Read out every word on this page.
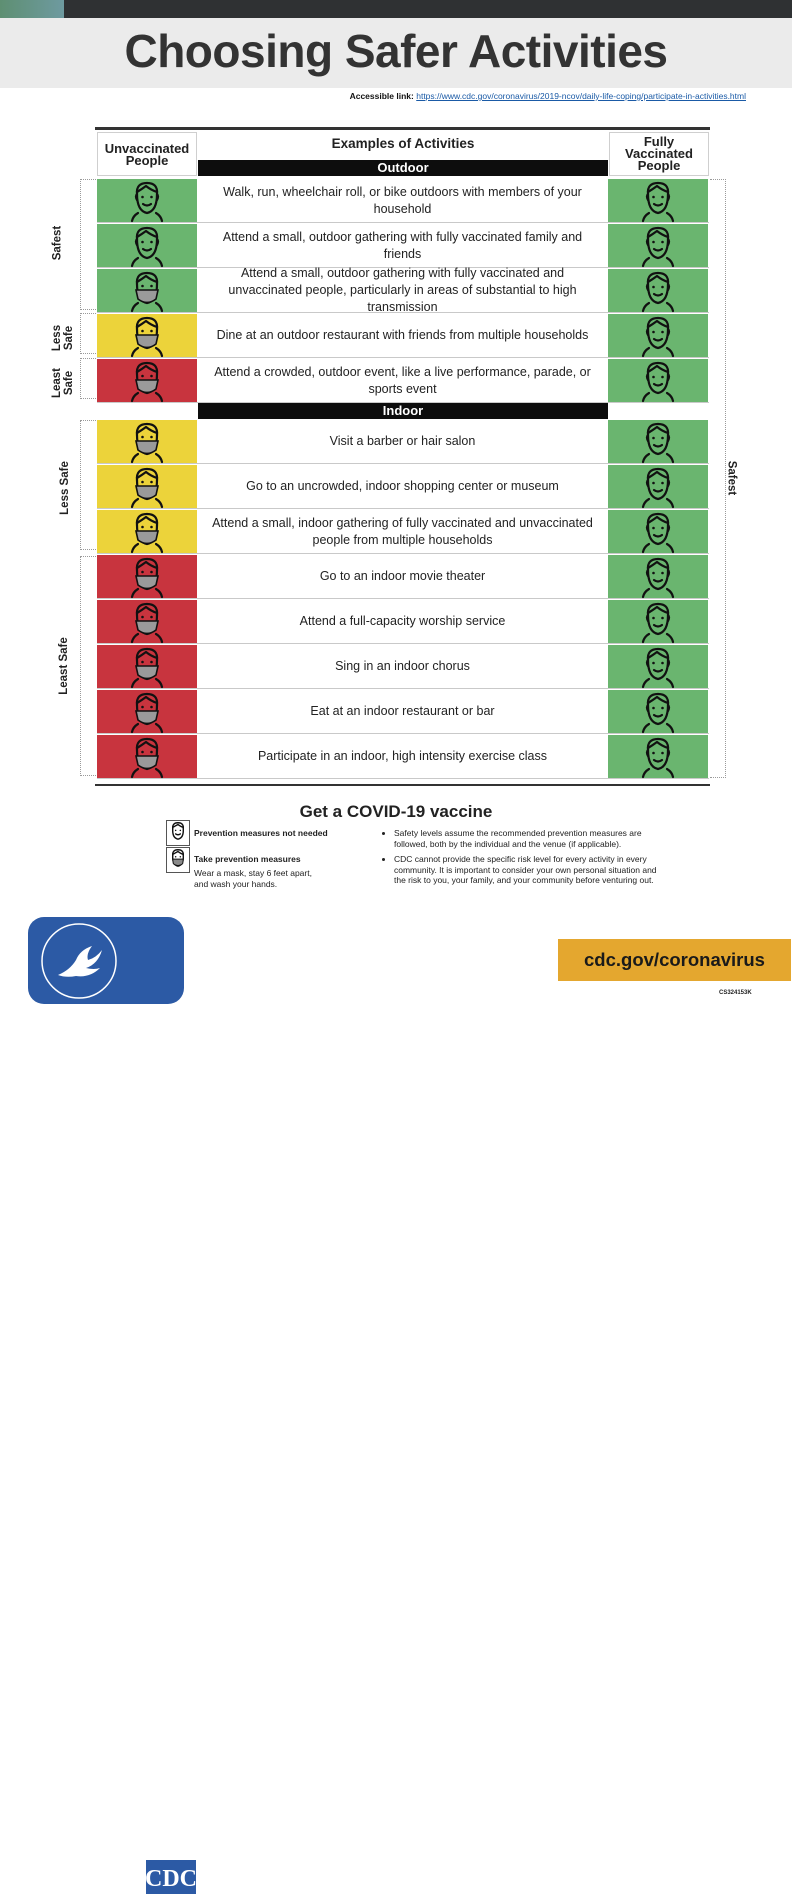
Choosing Safer Activities
Accessible link: https://www.cdc.gov/coronavirus/2019-ncov/daily-life-coping/participate-in-activities.html
Unvaccinated People
Examples of Activities	Fully Vaccinated People
Outdoor
Indoor
Walk, run, wheelchair roll, or bike outdoors with members of your household
Attend a small, outdoor gathering with fully vaccinated family and friends
Attend a small, outdoor gathering with fully vaccinated and unvaccinated people, particularly in areas of substantial to high transmission
Dine at an outdoor restaurant with friends from multiple households
Attend a crowded, outdoor event, like a live performance, parade, or sports event
Visit a barber or hair salon
Go to an uncrowded, indoor shopping center or museum
Attend a small, indoor gathering of fully vaccinated and unvaccinated people from multiple households
Go to an indoor movie theater
Attend a full-capacity worship service
Sing in an indoor chorus
Eat at an indoor restaurant or bar
Participate in an indoor, high intensity exercise class
Safest
Less Safe
Least Safe
Less Safe
Least Safe
Safest
Get a COVID-19 vaccine
Prevention measures not needed
Take prevention measures
Wear a mask, stay 6 feet apart, and wash your hands.
• Safety levels assume the recommended prevention measures are followed, both by the individual and the venue (if applicable).
• CDC cannot provide the specific risk level for every activity in every community. It is important to consider your own personal situation and the risk to you, your family, and your community before venturing out.
CDC
cdc.gov/coronavirus
CS324153K
